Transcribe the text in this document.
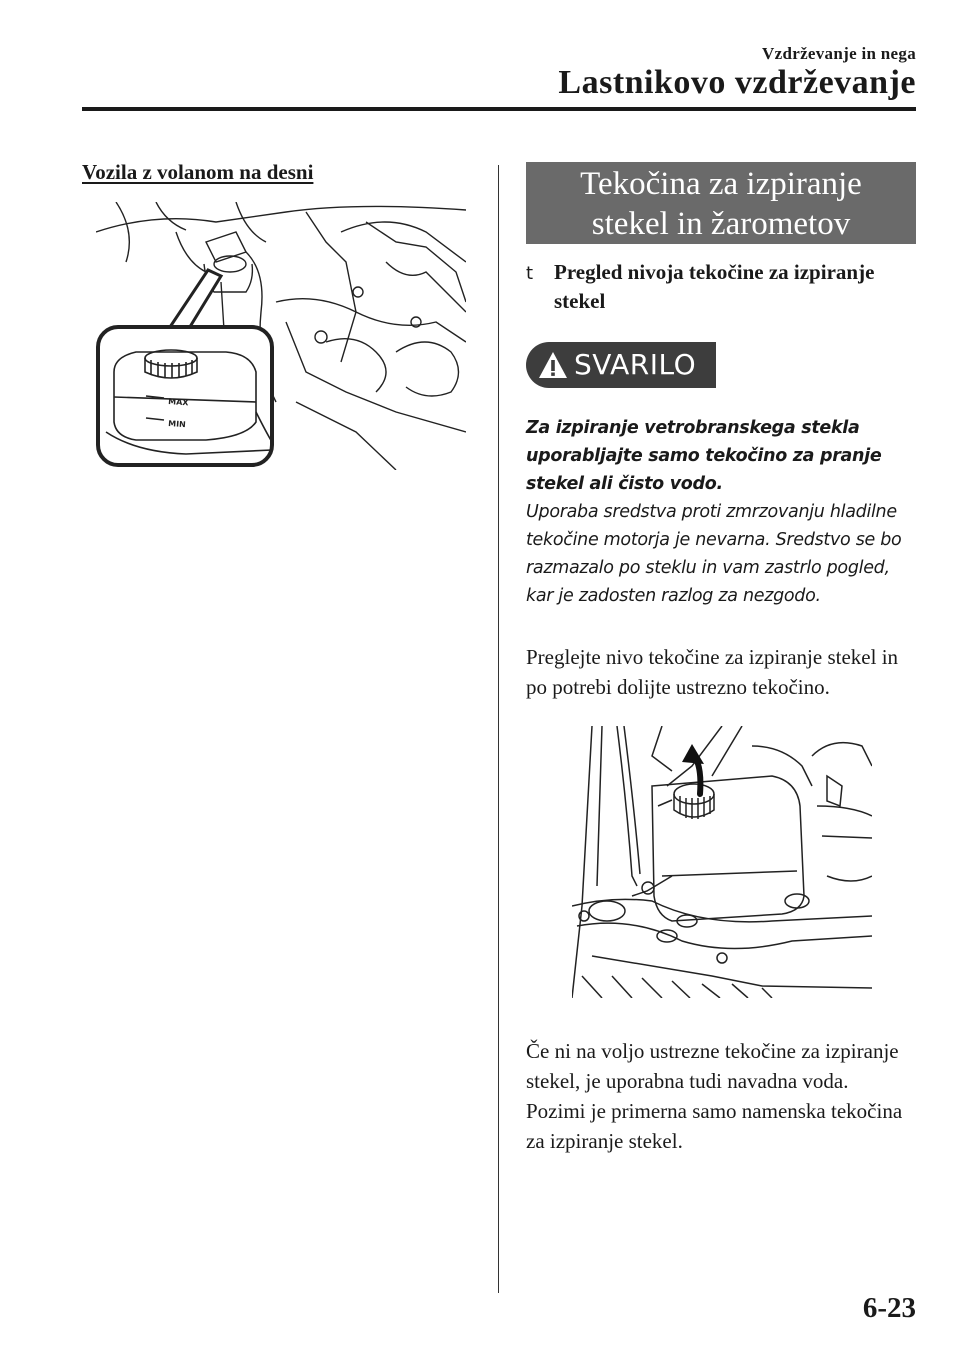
Vzdrževanje in nega
Lastnikovo vzdrževanje
Vozila z volanom na desni
MAX
MIN
Tekočina za izpiranje
stekel in žarometov
t Pregled nivoja tekočine za izpiranje stekel
SVARILO

Za izpiranje vetrobranskega stekla uporabljajte samo tekočino za pranje stekel ali čisto vodo.

Uporaba sredstva proti zmrzovanju hladilne tekočine motorja je nevarna. Sredstvo se bo razmazalo po steklu in vam zastrlo pogled, kar je zadosten razlog za nezgodo.

Preglejte nivo tekočine za izpiranje stekel in po potrebi dolijte ustrezno tekočino.

Če ni na voljo ustrezne tekočine za izpiranje stekel, je uporabna tudi navadna voda.

Pozimi je primerna samo namenska tekočina za izpiranje stekel.

6-23
